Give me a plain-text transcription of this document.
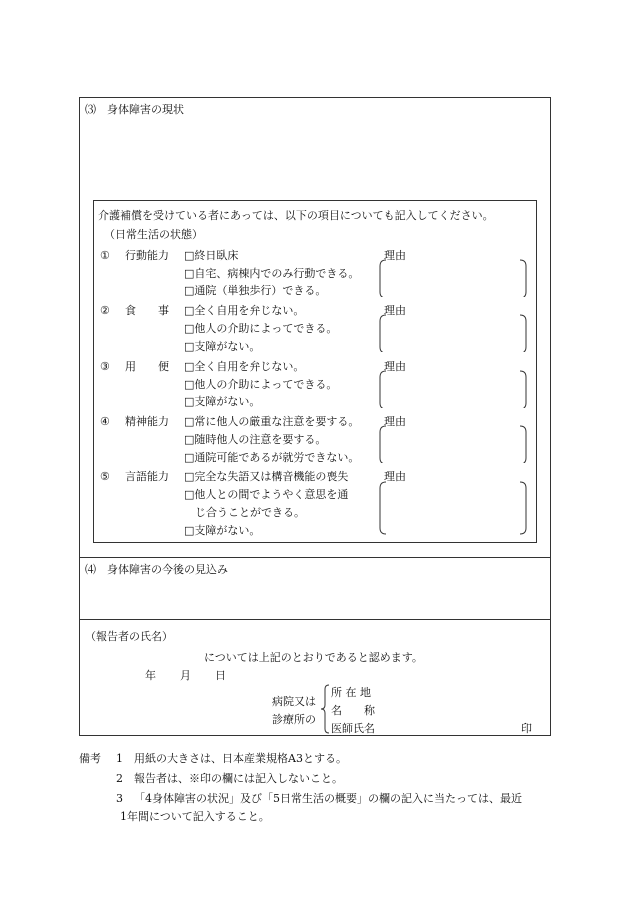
⑶　身体障害の現状
介護補償を受けている者にあっては、以下の項目についても記入してください。
（日常生活の状態）
① 行動能力 □終日臥床
□自宅、病棟内でのみ行動できる。
□通院（単独歩行）できる。
理由
② 食　　事 □全く自用を弁じない。
□他人の介助によってできる。
□支障がない。
理由
③ 用　　便 □全く自用を弁じない。
□他人の介助によってできる。
□支障がない。
理由
④ 精神能力 □常に他人の厳重な注意を要する。
□随時他人の注意を要する。
□通院可能であるが就労できない。
理由
⑤ 言語能力 □完全な失語又は構音機能の喪失
□他人との間でようやく意思を通
　じ合うことができる。
□支障がない。
理由
⑷　身体障害の今後の見込み
（報告者の氏名）
については上記のとおりであると認めます。
年 月 日
病院又は
診療所の
所 在 地
名　　称
医師氏名	印
備考 1 用紙の大きさは、日本産業規格A3とする。
2 報告者は、※印の欄には記入しないこと。
3 「4身体障害の状況」及び「5日常生活の概要」の欄の記入に当たっては、最近
1年間について記入すること。
